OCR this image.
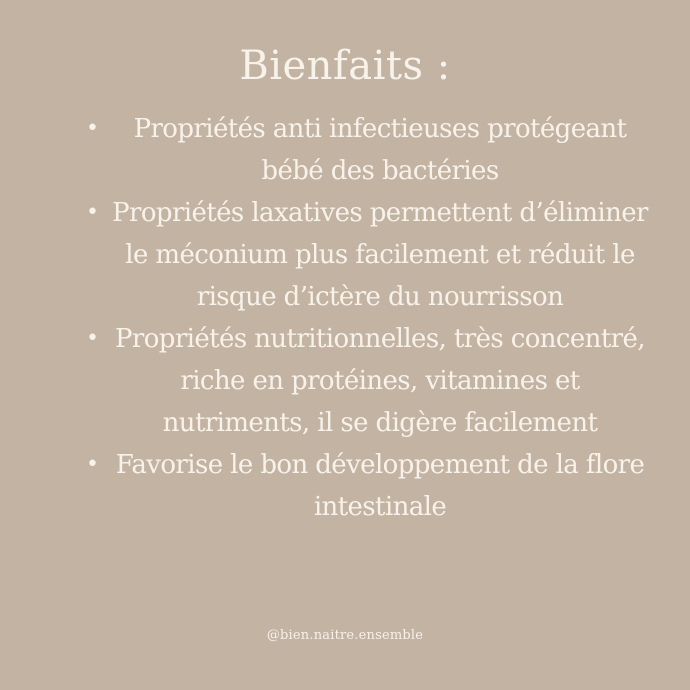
Bienfaits :
•	Propriétés anti infectieuses protégeant bébé des bactéries
• Propriétés laxatives permettent d’éliminer le méconium plus facilement et réduit le risque d’ictère du nourrisson
• Propriétés nutritionnelles, très concentré, riche en protéines, vitamines et nutriments, il se digère facilement
• Favorise le bon développement de la flore intestinale
@bien.naitre.ensemble
